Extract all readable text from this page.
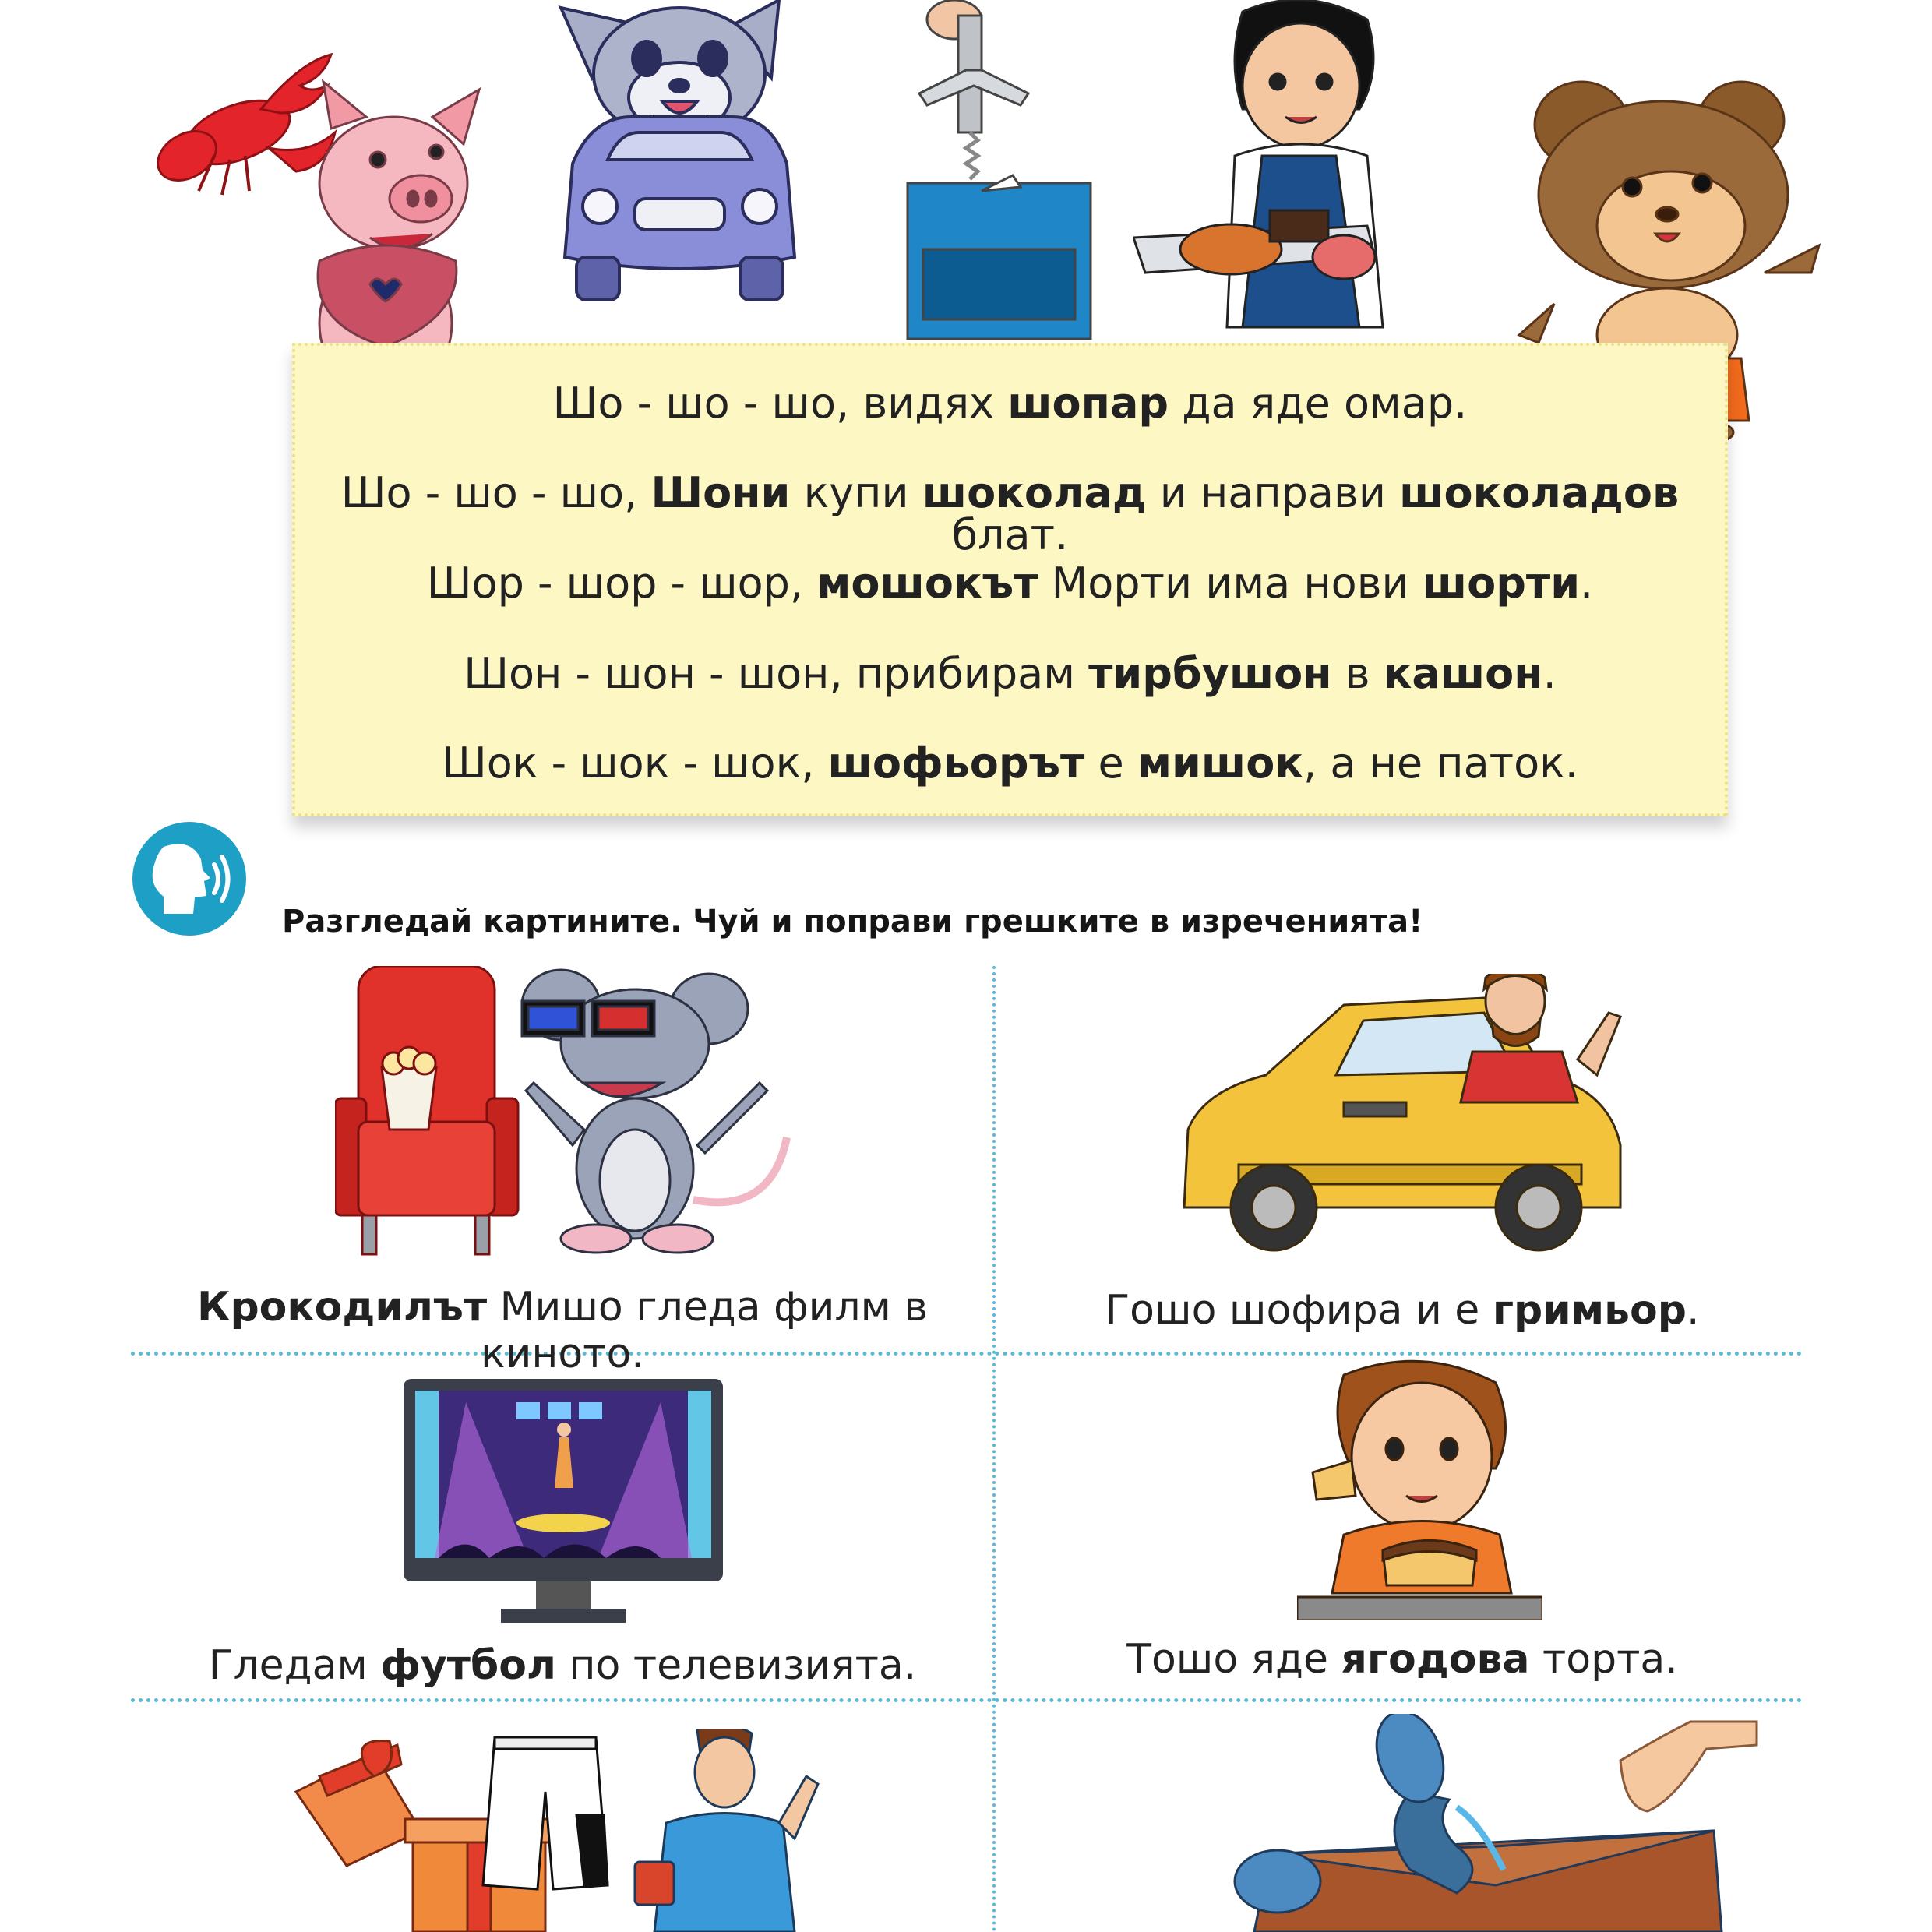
Шо - шо - шо, видях шопар да яде омар.
Шо - шо - шо, Шони купи шоколад и направи шоколадов блат.
Шор - шор - шор, мошокът Морти има нови шорти.
Шон - шон - шон, прибирам тирбушон в кашон.
Шок - шок - шок, шофьорът е мишок, а не паток.
Разгледай картините. Чуй и поправи грешките в изреченията!
Крокодилът Мишо гледа филм в киното.
Гошо шофира и е гримьор.
Гледам футбол по телевизията.	Тошо яде ягодова торта.
